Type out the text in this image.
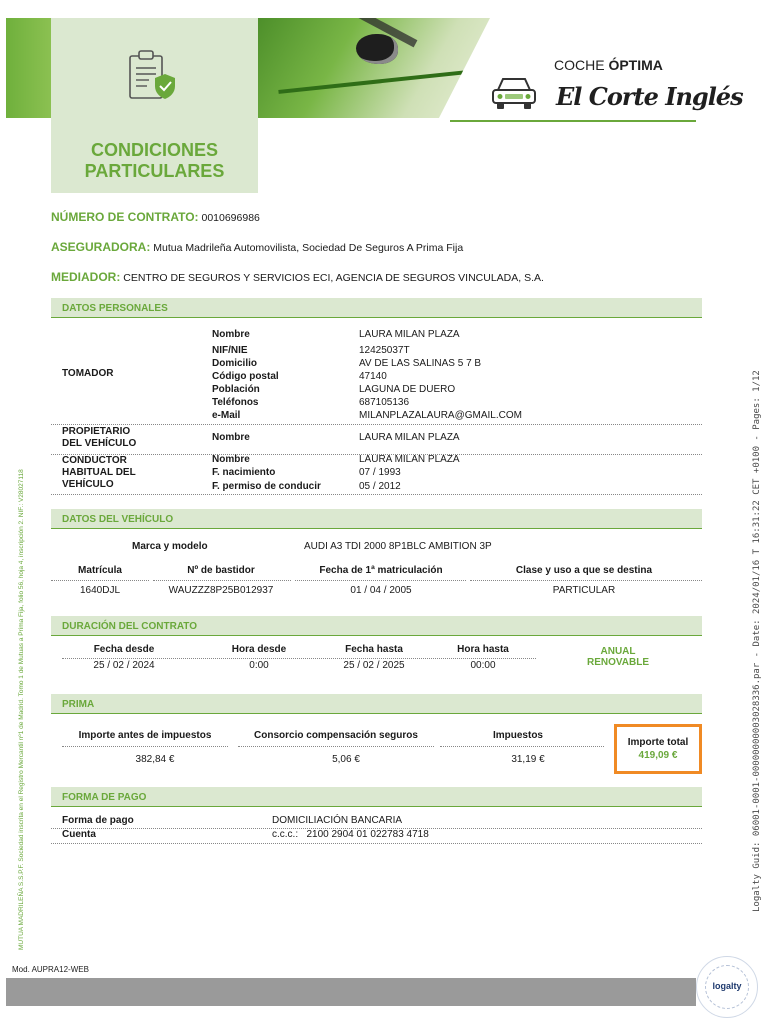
CONDICIONES
PARTICULARES
COCHE ÓPTIMA
El Corte Inglés
NÚMERO DE CONTRATO: 0010696986
ASEGURADORA: Mutua Madrileña Automovilista, Sociedad De Seguros A Prima Fija
MEDIADOR: CENTRO DE SEGUROS Y SERVICIOS ECI, AGENCIA DE SEGUROS VINCULADA, S.A.
DATOS PERSONALES
TOMADOR
Nombre	LAURA MILAN PLAZA
NIF/NIE	12425037T
Domicilio	AV DE LAS SALINAS 5 7 B
Código postal	47140
Población	LAGUNA DE DUERO
Teléfonos	687105136
e-Mail	MILANPLAZALAURA@GMAIL.COM
PROPIETARIO
DEL VEHÍCULO
Nombre	LAURA MILAN PLAZA
CONDUCTOR
HABITUAL DEL
VEHÍCULO
Nombre	LAURA MILAN PLAZA
F. nacimiento	07 / 1993
F. permiso de conducir	05 / 2012
DATOS DEL VEHÍCULO
Marca y modelo	AUDI A3 TDI 2000 8P1BLC AMBITION 3P
Matrícula	Nº de bastidor	Fecha de 1ª matriculación	Clase y uso a que se destina
1640DJL	WAUZZZ8P25B012937	01 / 04 / 2005	PARTICULAR
DURACIÓN DEL CONTRATO
Fecha desde	Hora desde	Fecha hasta	Hora hasta
25 / 02 / 2024	0:00	25 / 02 / 2025	00:00
ANUAL
RENOVABLE
PRIMA
Importe antes de impuestos	Consorcio compensación seguros	Impuestos
382,84 €	5,06 €	31,19 €
Importe total
419,09 €
FORMA DE PAGO
Forma de pago	DOMICILIACIÓN BANCARIA
Cuenta	c.c.c.:   2100 2904 01 022783 4718
MUTUA MADRILEÑA S.S.P.F. Sociedad inscrita en el Registro Mercantil nº1 de Madrid. Tomo 1 de Mutuas a Prima Fija, folio 56, hoja 4, inscripción 2. NIF.: V28027118	Logalty Guid: 06001-0001-00000000003028336.par - Date: 2024/01/16 T 16:31:22 CET +0100 - Pages: 1/12
Mod. AUPRA12-WEB
logalty
